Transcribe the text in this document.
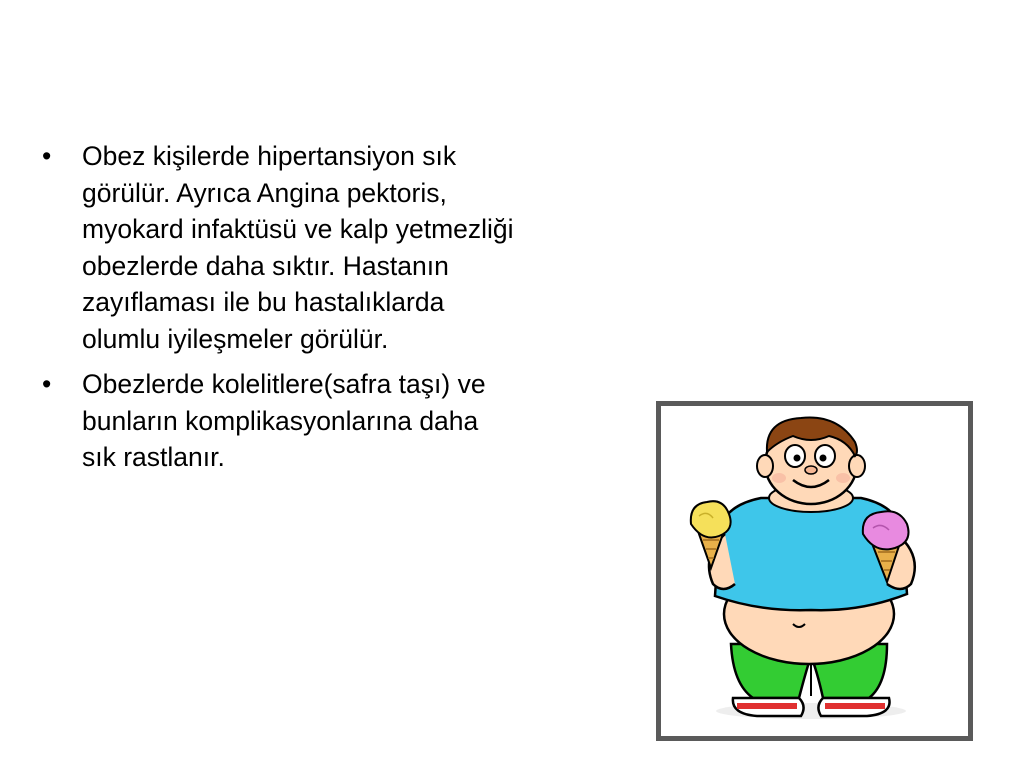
• Obez kişilerde hipertansiyon sık
görülür. Ayrıca Angina pektoris,
myokard infaktüsü ve kalp yetmezliği
obezlerde daha sıktır. Hastanın
zayıflaması ile bu hastalıklarda
olumlu iyileşmeler görülür.
• Obezlerde kolelitlere(safra taşı) ve
bunların komplikasyonlarına daha
sık rastlanır.
